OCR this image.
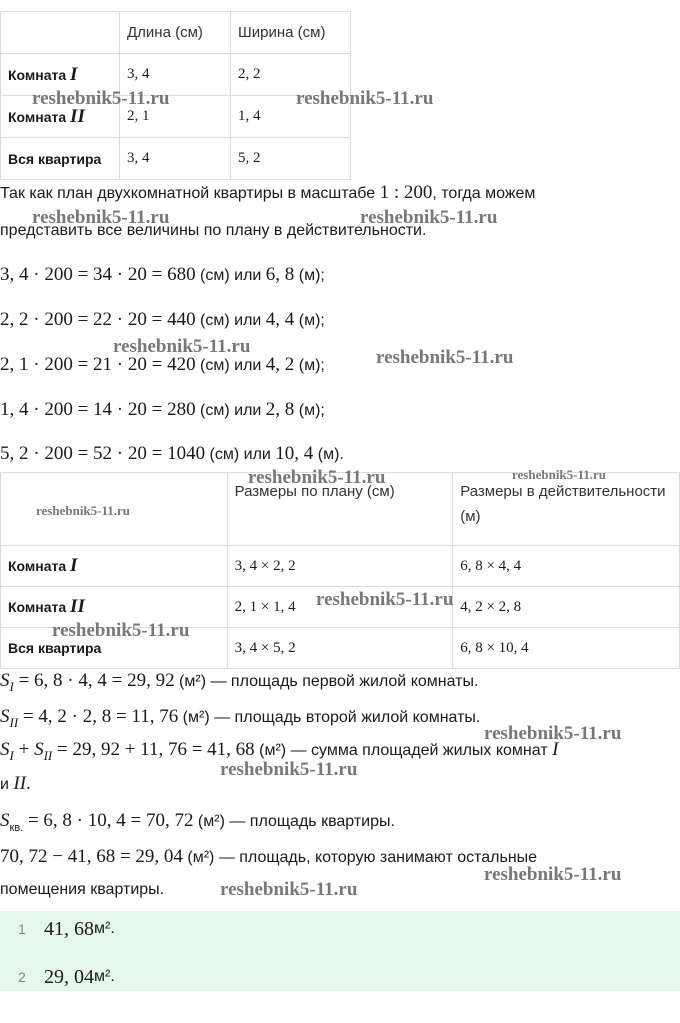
	Длина (см)	Ширина (см)
Комната I	3, 4	2, 2
Комната II	2, 1	1, 4
Вся квартира	3, 4	5, 2
Так как план двухкомнатной квартиры в масштабе 1 : 200, тогда можем
представить все величины по плану в действительности.
3, 4 · 200 = 34 · 20 = 680 (см) или 6, 8 (м);
2, 2 · 200 = 22 · 20 = 440 (см) или 4, 4 (м);
2, 1 · 200 = 21 · 20 = 420 (см) или 4, 2 (м);
1, 4 · 200 = 14 · 20 = 280 (см) или 2, 8 (м);
5, 2 · 200 = 52 · 20 = 1040 (см) или 10, 4 (м).
	Размеры по плану (см)	Размеры в действительности (м)
Комната I	3, 4 × 2, 2	6, 8 × 4, 4
Комната II	2, 1 × 1, 4	4, 2 × 2, 8
Вся квартира	3, 4 × 5, 2	6, 8 × 10, 4
$S_I = 6$, 8 · 4, 4 = 29, 92 (м²) — площадь первой жилой комнаты.
$S_{II} = 4$, 2 · 2, 8 = 11, 76 (м²) — площадь второй жилой комнаты.
$S_I + S_{II} = 29$, 92 + 11, 76 = 41, 68 (м²) — сумма площадей жилых комнат I
и II.
$S_{кв.} = 6$, 8 · 10, 4 = 70, 72 (м²) — площадь квартиры.
70, 72 − 41, 68 = 29, 04 (м²) — площадь, которую занимают остальные
помещения квартиры.
1 41, 68 м².
2 29, 04 м².
reshebnik5-11.ru	reshebnik5-11.ru
reshebnik5-11.ru	reshebnik5-11.ru
reshebnik5-11.ru
reshebnik5-11.ru
reshebnik5-11.ru	reshebnik5-11.ru
reshebnik5-11.ru
reshebnik5-11.ru
reshebnik5-11.ru
reshebnik5-11.ru
reshebnik5-11.ru
reshebnik5-11.ru
reshebnik5-11.ru
